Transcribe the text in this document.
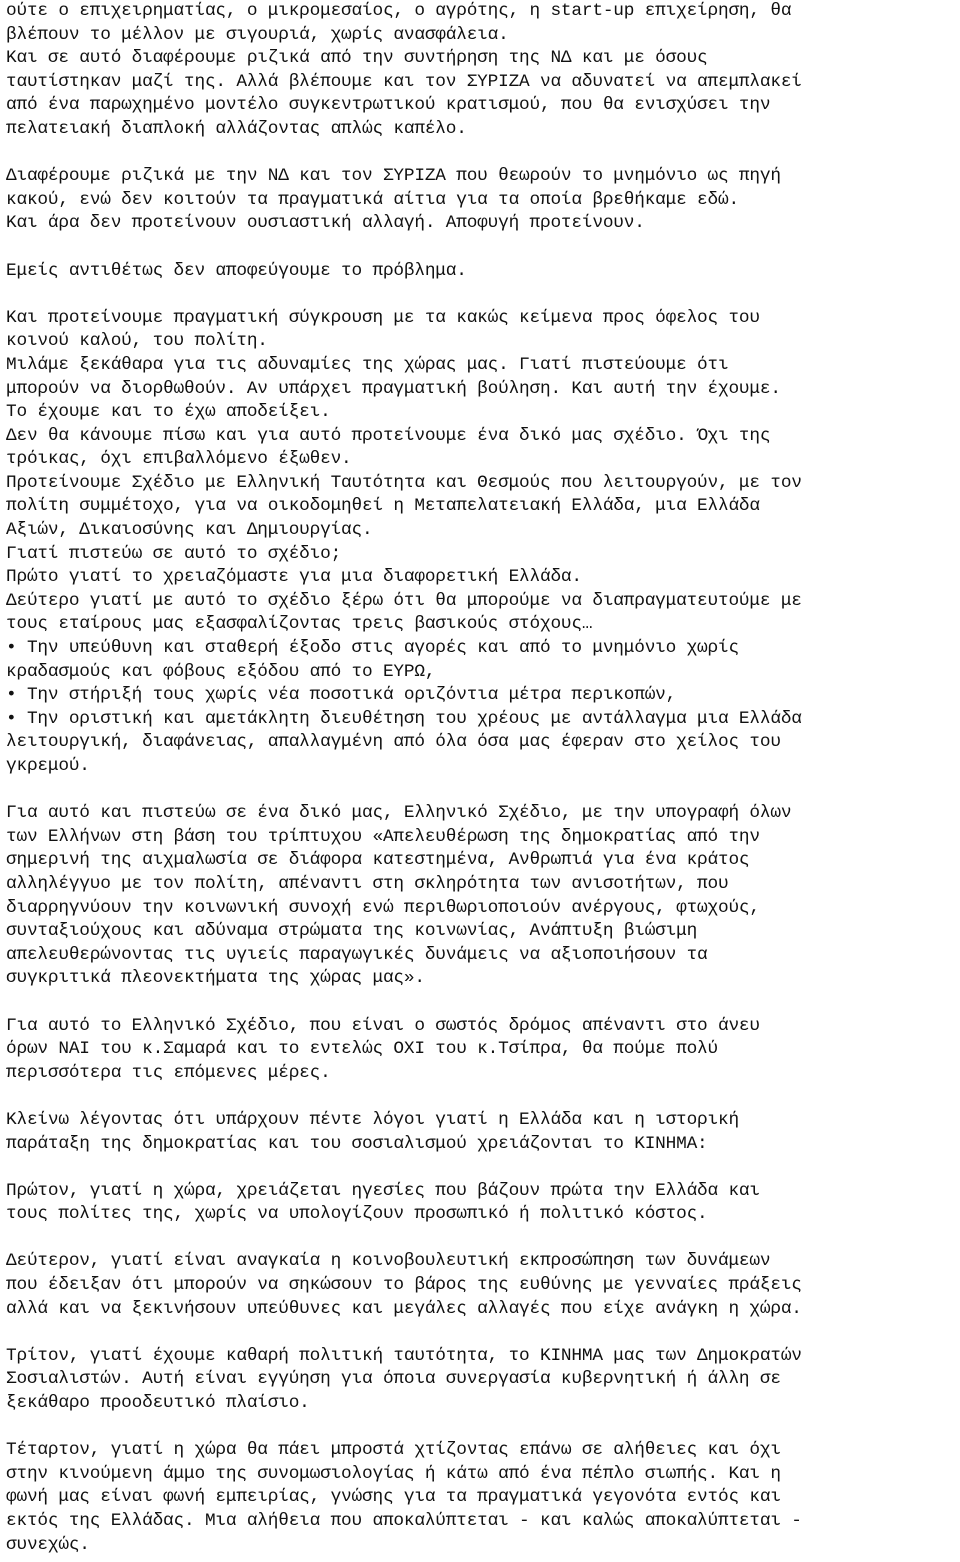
ούτε ο επιχειρηματίας, ο μικρομεσαίος, ο αγρότης, η start-up επιχείρηση, θα
βλέπουν το μέλλον με σιγουριά, χωρίς ανασφάλεια.
Και σε αυτό διαφέρουμε ριζικά από την συντήρηση της ΝΔ και με όσους
ταυτίστηκαν μαζί της. Αλλά βλέπουμε και τον ΣΥΡΙΖΑ να αδυνατεί να απεμπλακεί
από ένα παρωχημένο μοντέλο συγκεντρωτικού κρατισμού, που θα ενισχύσει την
πελατειακή διαπλοκή αλλάζοντας απλώς καπέλο.
Διαφέρουμε ριζικά με την ΝΔ και τον ΣΥΡΙΖΑ που θεωρούν το μνημόνιο ως πηγή
κακού, ενώ δεν κοιτούν τα πραγματικά αίτια για τα οποία βρεθήκαμε εδώ.
Και άρα δεν προτείνουν ουσιαστική αλλαγή. Αποφυγή προτείνουν.
Εμείς αντιθέτως δεν αποφεύγουμε το πρόβλημα.
Και προτείνουμε πραγματική σύγκρουση με τα κακώς κείμενα προς όφελος του
κοινού καλού, του πολίτη.
Μιλάμε ξεκάθαρα για τις αδυναμίες της χώρας μας. Γιατί πιστεύουμε ότι
μπορούν να διορθωθούν. Αν υπάρχει πραγματική βούληση. Και αυτή την έχουμε.
Το έχουμε και το έχω αποδείξει.
Δεν θα κάνουμε πίσω και για αυτό προτείνουμε ένα δικό μας σχέδιο. Όχι της
τρόικας, όχι επιβαλλόμενο έξωθεν.
Προτείνουμε Σχέδιο με Ελληνική Ταυτότητα και Θεσμούς που λειτουργούν, με τον
πολίτη συμμέτοχο, για να οικοδομηθεί η Μεταπελατειακή Ελλάδα, μια Ελλάδα
Αξιών, Δικαιοσύνης και Δημιουργίας.
Γιατί πιστεύω σε αυτό το σχέδιο;
Πρώτο γιατί το χρειαζόμαστε για μια διαφορετική Ελλάδα.
Δεύτερο γιατί με αυτό το σχέδιο ξέρω ότι θα μπορούμε να διαπραγματευτούμε με
τους εταίρους μας εξασφαλίζοντας τρεις βασικούς στόχους…
• Την υπεύθυνη και σταθερή έξοδο στις αγορές και από το μνημόνιο χωρίς
κραδασμούς και φόβους εξόδου από το ΕΥΡΩ,
• Την στήριξή τους χωρίς νέα ποσοτικά οριζόντια μέτρα περικοπών,
• Την οριστική και αμετάκλητη διευθέτηση του χρέους με αντάλλαγμα μια Ελλάδα
λειτουργική, διαφάνειας, απαλλαγμένη από όλα όσα μας έφεραν στο χείλος του
γκρεμού.
Για αυτό και πιστεύω σε ένα δικό μας, Ελληνικό Σχέδιο, με την υπογραφή όλων
των Ελλήνων στη βάση του τρίπτυχου «Απελευθέρωση της δημοκρατίας από την
σημερινή της αιχμαλωσία σε διάφορα κατεστημένα, Ανθρωπιά για ένα κράτος
αλληλέγγυο με τον πολίτη, απέναντι στη σκληρότητα των ανισοτήτων, που
διαρρηγνύουν την κοινωνική συνοχή ενώ περιθωριοποιούν ανέργους, φτωχούς,
συνταξιούχους και αδύναμα στρώματα της κοινωνίας, Ανάπτυξη βιώσιμη
απελευθερώνοντας τις υγιείς παραγωγικές δυνάμεις να αξιοποιήσουν τα
συγκριτικά πλεονεκτήματα της χώρας μας».
Για αυτό το Ελληνικό Σχέδιο, που είναι ο σωστός δρόμος απέναντι στο άνευ
όρων ΝΑΙ του κ.Σαμαρά και το εντελώς ΟΧΙ του κ.Τσίπρα, θα πούμε πολύ
περισσότερα τις επόμενες μέρες.
Κλείνω λέγοντας ότι υπάρχουν πέντε λόγοι γιατί η Ελλάδα και η ιστορική
παράταξη της δημοκρατίας και του σοσιαλισμού χρειάζονται το ΚΙΝΗΜΑ:
Πρώτον, γιατί η χώρα, χρειάζεται ηγεσίες που βάζουν πρώτα την Ελλάδα και
τους πολίτες της, χωρίς να υπολογίζουν προσωπικό ή πολιτικό κόστος.
Δεύτερον, γιατί είναι αναγκαία η κοινοβουλευτική εκπροσώπηση των δυνάμεων
που έδειξαν ότι μπορούν να σηκώσουν το βάρος της ευθύνης με γενναίες πράξεις
αλλά και να ξεκινήσουν υπεύθυνες και μεγάλες αλλαγές που είχε ανάγκη η χώρα.
Τρίτον, γιατί έχουμε καθαρή πολιτική ταυτότητα, το ΚΙΝΗΜΑ μας των Δημοκρατών
Σοσιαλιστών. Αυτή είναι εγγύηση για όποια συνεργασία κυβερνητική ή άλλη σε
ξεκάθαρο προοδευτικό πλαίσιο.
Τέταρτον, γιατί η χώρα θα πάει μπροστά χτίζοντας επάνω σε αλήθειες και όχι
στην κινούμενη άμμο της συνομωσιολογίας ή κάτω από ένα πέπλο σιωπής. Και η
φωνή μας είναι φωνή εμπειρίας, γνώσης για τα πραγματικά γεγονότα εντός και
εκτός της Ελλάδας. Μια αλήθεια που αποκαλύπτεται - και καλώς αποκαλύπτεται -
συνεχώς.
